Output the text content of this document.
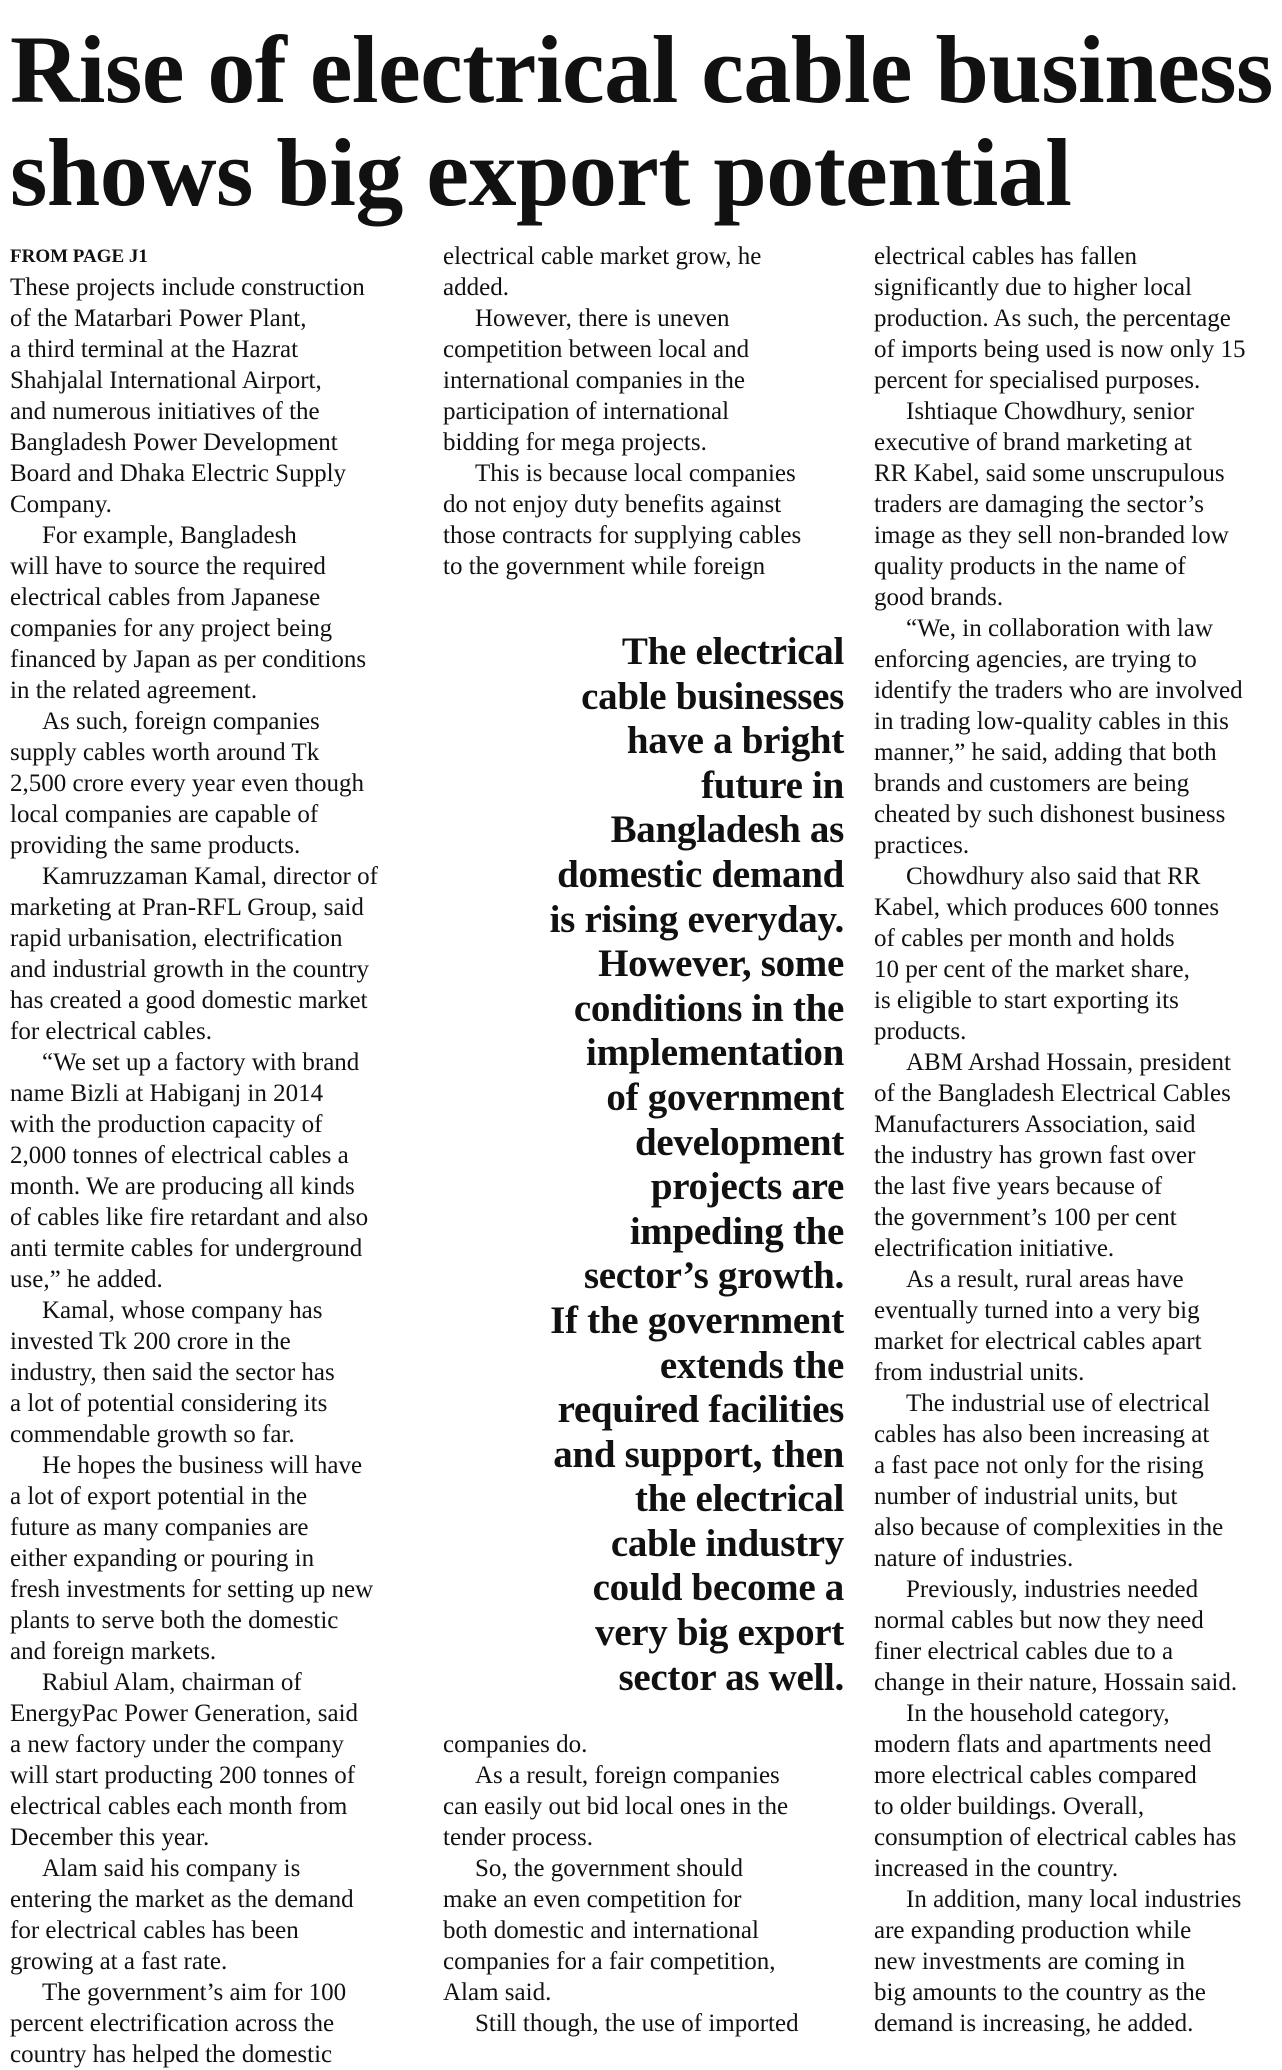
Rise of electrical cable business
shows big export potential
FROM PAGE J1
These projects include construction
of the Matarbari Power Plant,
a third terminal at the Hazrat
Shahjalal International Airport,
and numerous initiatives of the
Bangladesh Power Development
Board and Dhaka Electric Supply
Company.
For example, Bangladesh
will have to source the required
electrical cables from Japanese
companies for any project being
financed by Japan as per conditions
in the related agreement.
As such, foreign companies
supply cables worth around Tk
2,500 crore every year even though
local companies are capable of
providing the same products.
Kamruzzaman Kamal, director of
marketing at Pran-RFL Group, said
rapid urbanisation, electrification
and industrial growth in the country
has created a good domestic market
for electrical cables.
“We set up a factory with brand
name Bizli at Habiganj in 2014
with the production capacity of
2,000 tonnes of electrical cables a
month. We are producing all kinds
of cables like fire retardant and also
anti termite cables for underground
use,” he added.
Kamal, whose company has
invested Tk 200 crore in the
industry, then said the sector has
a lot of potential considering its
commendable growth so far.
He hopes the business will have
a lot of export potential in the
future as many companies are
either expanding or pouring in
fresh investments for setting up new
plants to serve both the domestic
and foreign markets.
Rabiul Alam, chairman of
EnergyPac Power Generation, said
a new factory under the company
will start producting 200 tonnes of
electrical cables each month from
December this year.
Alam said his company is
entering the market as the demand
for electrical cables has been
growing at a fast rate.
The government’s aim for 100
percent electrification across the
country has helped the domestic
electrical cable market grow, he
added.
However, there is uneven
competition between local and
international companies in the
participation of international
bidding for mega projects.
This is because local companies
do not enjoy duty benefits against
those contracts for supplying cables
to the government while foreign
The electrical
cable businesses
have a bright
future in
Bangladesh as
domestic demand
is rising everyday.
However, some
conditions in the
implementation
of government
development
projects are
impeding the
sector’s growth.
If the government
extends the
required facilities
and support, then
the electrical
cable industry
could become a
very big export
sector as well.
companies do.
As a result, foreign companies
can easily out bid local ones in the
tender process.
So, the government should
make an even competition for
both domestic and international
companies for a fair competition,
Alam said.
Still though, the use of imported
electrical cables has fallen
significantly due to higher local
production. As such, the percentage
of imports being used is now only 15
percent for specialised purposes.
Ishtiaque Chowdhury, senior
executive of brand marketing at
RR Kabel, said some unscrupulous
traders are damaging the sector’s
image as they sell non-branded low
quality products in the name of
good brands.
“We, in collaboration with law
enforcing agencies, are trying to
identify the traders who are involved
in trading low-quality cables in this
manner,” he said, adding that both
brands and customers are being
cheated by such dishonest business
practices.
Chowdhury also said that RR
Kabel, which produces 600 tonnes
of cables per month and holds
10 per cent of the market share,
is eligible to start exporting its
products.
ABM Arshad Hossain, president
of the Bangladesh Electrical Cables
Manufacturers Association, said
the industry has grown fast over
the last five years because of
the government’s 100 per cent
electrification initiative.
As a result, rural areas have
eventually turned into a very big
market for electrical cables apart
from industrial units.
The industrial use of electrical
cables has also been increasing at
a fast pace not only for the rising
number of industrial units, but
also because of complexities in the
nature of industries.
Previously, industries needed
normal cables but now they need
finer electrical cables due to a
change in their nature, Hossain said.
In the household category,
modern flats and apartments need
more electrical cables compared
to older buildings. Overall,
consumption of electrical cables has
increased in the country.
In addition, many local industries
are expanding production while
new investments are coming in
big amounts to the country as the
demand is increasing, he added.
